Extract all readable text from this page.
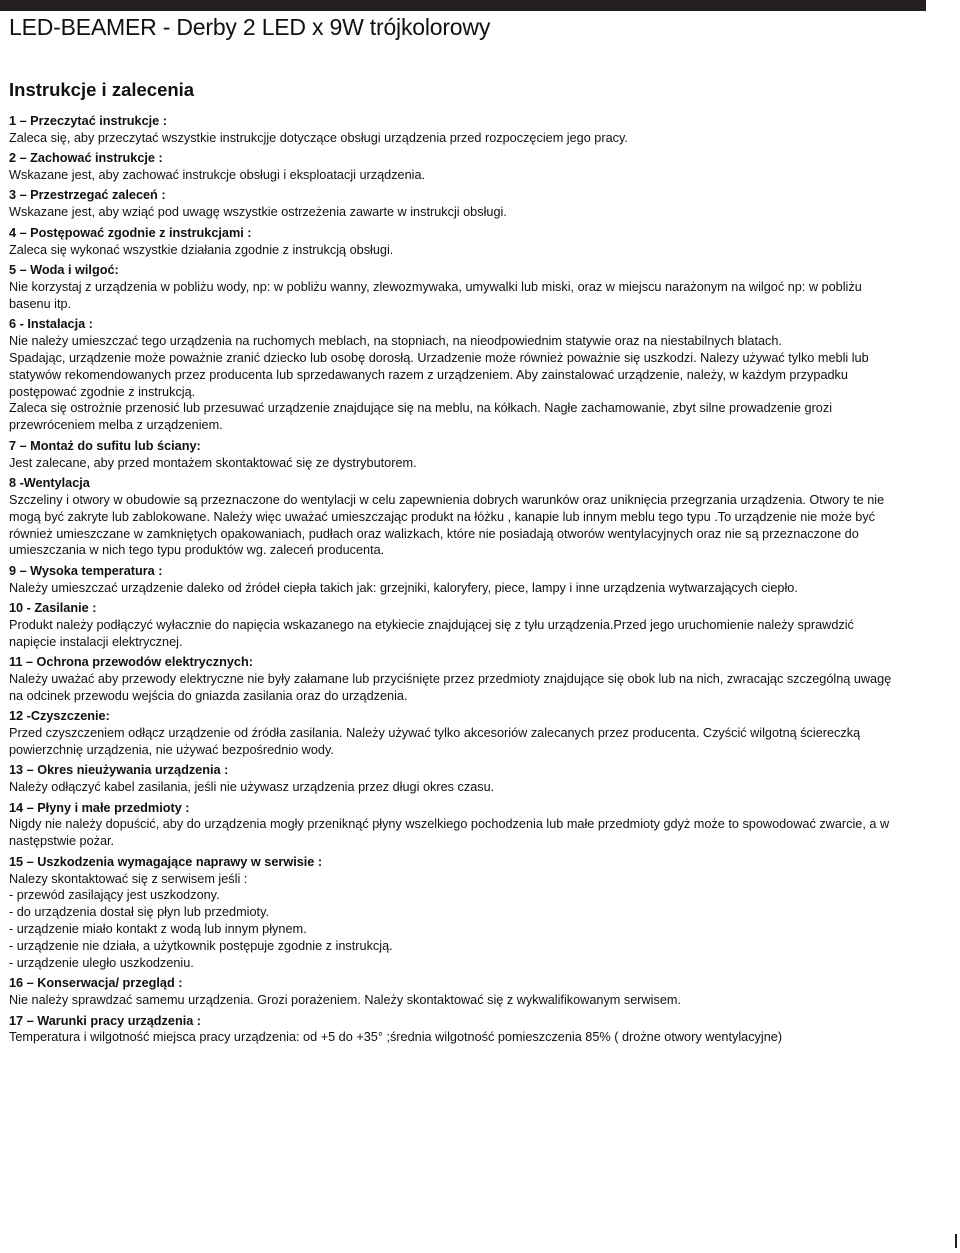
LED-BEAMER - Derby 2 LED x 9W trójkolorowy
Instrukcje i zalecenia
1 – Przeczytać instrukcje :
Zaleca się, aby przeczytać wszystkie instrukcjje dotyczące obsługi urządzenia przed rozpoczęciem jego pracy.
2 – Zachować instrukcje :
Wskazane jest, aby zachować instrukcje obsługi i eksploatacji urządzenia.
3 – Przestrzegać zaleceń :
Wskazane jest, aby wziąć pod uwagę wszystkie ostrzeżenia zawarte w instrukcji obsługi.
4 – Postępować zgodnie z instrukcjami :
Zaleca się wykonać wszystkie działania zgodnie z instrukcją obsługi.
5 – Woda i wilgoć:
Nie korzystaj z urządzenia w pobliżu wody, np: w pobliżu wanny, zlewozmywaka, umywalki lub miski, oraz w miejscu narażonym na wilgoć np: w pobliżu basenu itp.
6 - Instalacja :
Nie należy umieszczać tego urządzenia na ruchomych meblach, na stopniach, na nieodpowiednim statywie oraz na niestabilnych blatach.
Spadając, urządzenie może poważnie zranić dziecko lub osobę dorosłą. Urzadzenie może również poważnie się uszkodzi. Nalezy używać tylko mebli lub statywów rekomendowanych przez producenta lub sprzedawanych razem z urządzeniem. Aby zainstalować urządzenie, należy, w każdym przypadku postępować zgodnie z instrukcją.
Zaleca się ostrożnie przenosić lub przesuwać urządzenie znajdujące się na meblu, na kółkach. Nagłe zachamowanie, zbyt silne prowadzenie grozi przewróceniem melba z urządzeniem.
7 – Montaż do sufitu lub ściany:
Jest zalecane, aby przed montażem skontaktować się ze dystrybutorem.
8 -Wentylacja
Szczeliny i otwory w obudowie są przeznaczone do wentylacji w celu zapewnienia dobrych warunków oraz uniknięcia przegrzania urządzenia. Otwory te nie mogą być zakryte lub zablokowane. Należy więc uważać umieszczając produkt na łóżku , kanapie lub innym meblu tego typu .To urządzenie nie może być również umieszczane w zamkniętych opakowaniach, pudłach oraz walizkach, które nie posiadają otworów wentylacyjnych oraz nie są przeznaczone do umieszczania w nich tego typu produktów wg. zaleceń producenta.
9 – Wysoka temperatura :
Należy umieszczać urządzenie daleko od źródeł ciepła takich jak: grzejniki, kaloryfery, piece, lampy i inne urządzenia wytwarzających ciepło.
10 - Zasilanie :
Produkt należy podłączyć wyłacznie do napięcia wskazanego na etykiecie znajdującej się z tyłu urządzenia.Przed jego uruchomienie należy sprawdzić napięcie instalacji elektrycznej.
11 – Ochrona przewodów elektrycznych:
Należy uważać aby przewody elektryczne nie były załamane lub przyciśnięte przez przedmioty znajdujące się obok lub na nich, zwracając szczególną uwagę na odcinek przewodu wejścia do gniazda zasilania oraz do urządzenia.
12 -Czyszczenie:
Przed czyszczeniem odłącz urządzenie od źródła zasilania. Należy używać tylko akcesoriów zalecanych przez producenta. Czyścić wilgotną ściereczką powierzchnię urządzenia, nie używać bezpośrednio wody.
13 – Okres nieużywania urządzenia :
Należy odłączyć kabel zasilania, jeśli nie używasz urządzenia przez długi okres czasu.
14 – Płyny i małe przedmioty :
Nigdy nie należy dopuścić, aby do urządzenia mogły przeniknąć płyny wszelkiego pochodzenia lub małe przedmioty gdyż może to spowodować zwarcie, a w następstwie pożar.
15 – Uszkodzenia wymagające naprawy w serwisie :
Nalezy skontaktować się z serwisem jeśli :
- przewód zasilający jest uszkodzony.
- do urządzenia dostał się płyn lub przedmioty.
- urządzenie miało kontakt z wodą lub innym płynem.
- urządzenie nie działa, a użytkownik postępuje zgodnie z instrukcją.
- urządzenie uległo uszkodzeniu.
16 – Konserwacja/ przegląd :
Nie należy sprawdzać samemu urządzenia. Grozi porażeniem. Należy skontaktować się z wykwalifikowanym serwisem.
17 – Warunki pracy urządzenia :
Temperatura i wilgotność miejsca pracy urządzenia: od +5 do +35° ;średnia wilgotność pomieszczenia 85% ( drożne otwory wentylacyjne)
